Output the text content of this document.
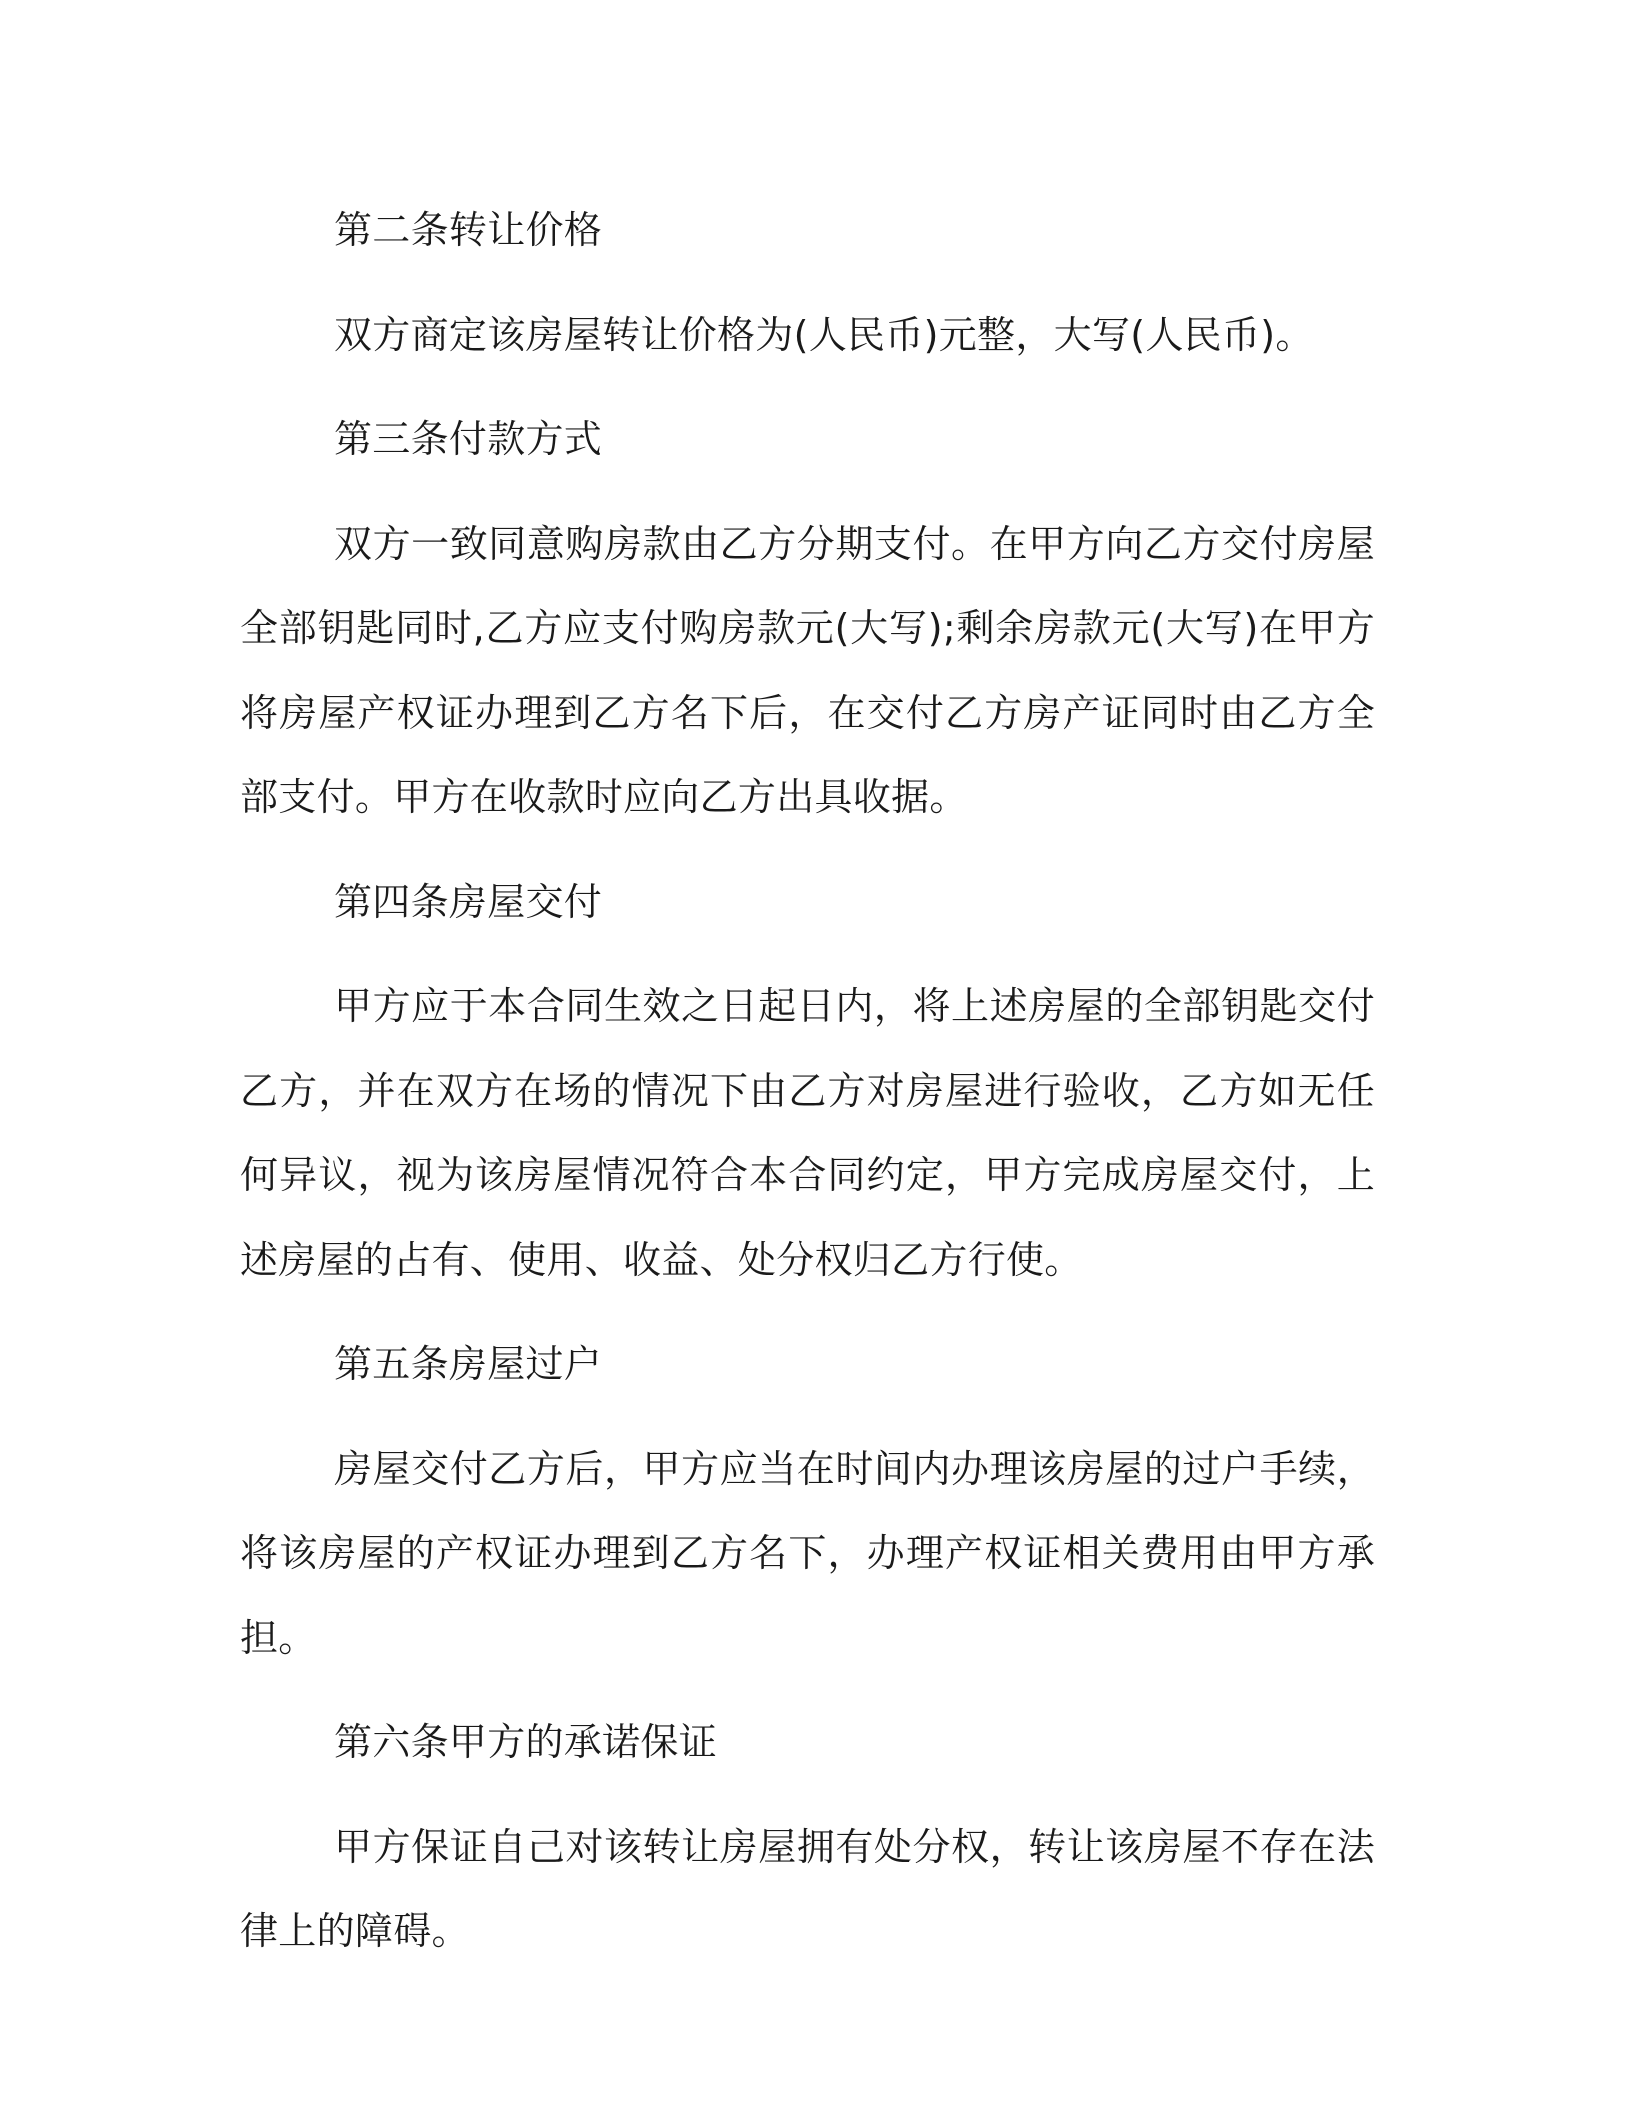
第二条转让价格

双方商定该房屋转让价格为(人民币)元整，大写(人民币)。

第三条付款方式

双方一致同意购房款由乙方分期支付。在甲方向乙方交付房屋全部钥匙同时,乙方应支付购房款元(大写);剩余房款元(大写)在甲方将房屋产权证办理到乙方名下后，在交付乙方房产证同时由乙方全部支付。甲方在收款时应向乙方出具收据。

第四条房屋交付

甲方应于本合同生效之日起日内，将上述房屋的全部钥匙交付乙方，并在双方在场的情况下由乙方对房屋进行验收，乙方如无任何异议，视为该房屋情况符合本合同约定，甲方完成房屋交付，上述房屋的占有、使用、收益、处分权归乙方行使。

第五条房屋过户

房屋交付乙方后，甲方应当在时间内办理该房屋的过户手续，将该房屋的产权证办理到乙方名下，办理产权证相关费用由甲方承担。

第六条甲方的承诺保证

甲方保证自己对该转让房屋拥有处分权，转让该房屋不存在法律上的障碍。
